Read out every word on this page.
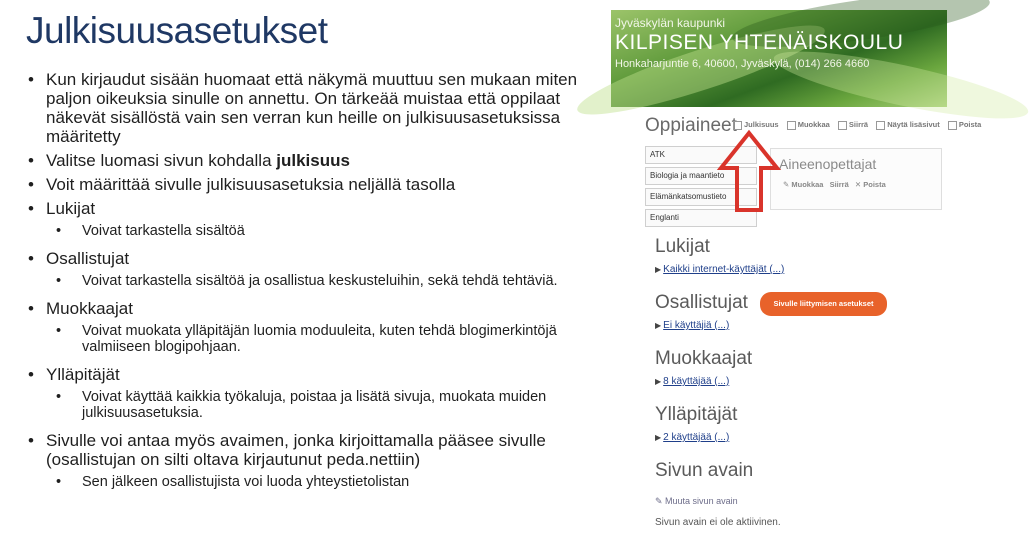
Julkisuusasetukset
• Kun kirjaudut sisään huomaat että näkymä muuttuu sen mukaan miten paljon oikeuksia sinulle on annettu. On tärkeää muistaa että oppilaat näkevät sisällöstä vain sen verran kun heille on julkisuusasetuksissa määritetty
• Valitse luomasi sivun kohdalla julkisuus
• Voit määrittää sivulle julkisuusasetuksia neljällä tasolla
• Lukijat
• Voivat tarkastella sisältöä
• Osallistujat
• Voivat tarkastella sisältöä ja osallistua keskusteluihin, sekä tehdä tehtäviä.
• Muokkaajat
• Voivat muokata ylläpitäjän luomia moduuleita, kuten tehdä blogimerkintöjä valmiiseen blogipohjaan.
• Ylläpitäjät
• Voivat käyttää kaikkia työkaluja, poistaa ja lisätä sivuja, muokata muiden julkisuusasetuksia.
• Sivulle voi antaa myös avaimen, jonka kirjoittamalla pääsee sivulle (osallistujan on silti oltava kirjautunut peda.nettiin)
• Sen jälkeen osallistujista voi luoda yhteystietolistan
Jyväskylän kaupunki
KILPISEN YHTENÄISKOULU
Honkaharjuntie 6, 40600, Jyväskylä, (014) 266 4660
Oppiaineet Julkisuus	Muokkaa	Siirrä	Näytä lisäsivut	Poista
ATK
Biologia ja maantieto
Elämänkatsomustieto
Englanti
Aineenopettajat
✎ Muokkaa Siirrä ✕ Poista
Lukijat
▶ Kaikki internet-käyttäjät (...)
Osallistujat	Sivulle liittymisen asetukset
▶ Ei käyttäjiä (...)
Muokkaajat
▶ 8 käyttäjää (...)
Ylläpitäjät
▶ 2 käyttäjää (...)
Sivun avain
✎ Muuta sivun avain
Sivun avain ei ole aktiivinen.
